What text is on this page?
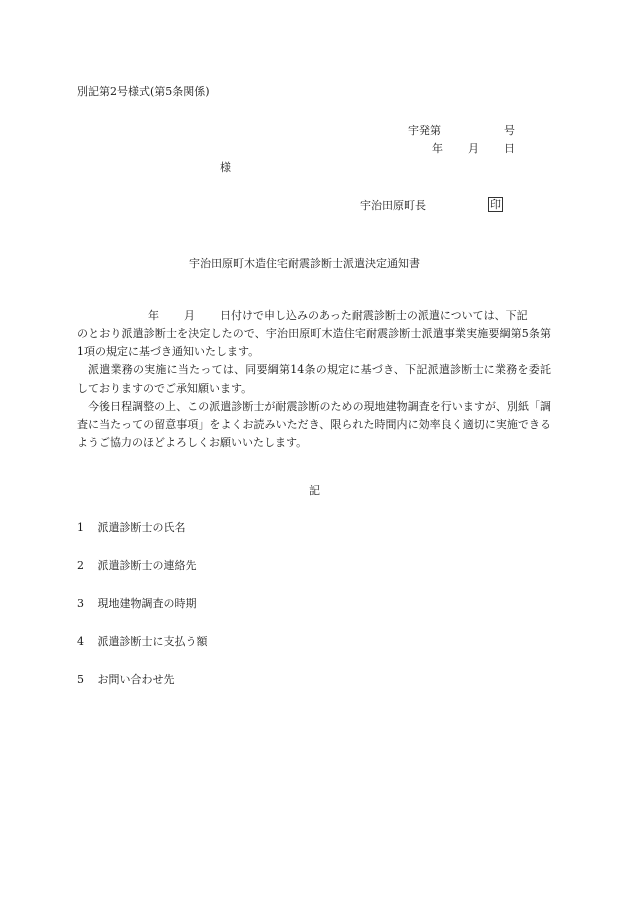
別記第2号様式(第5条関係)
宇発第	号
年 月 日
様
宇治田原町長	印
宇治田原町木造住宅耐震診断士派遣決定通知書
年 月 日付けで申し込みのあった耐震診断士の派遣については、下記

のとおり派遣診断士を決定したので、宇治田原町木造住宅耐震診断士派遣事業実施要綱第5条第1項の規定に基づき通知いたします。

派遣業務の実施に当たっては、同要綱第14条の規定に基づき、下記派遣診断士に業務を委託しておりますのでご承知願います。

今後日程調整の上、この派遣診断士が耐震診断のための現地建物調査を行いますが、別紙「調査に当たっての留意事項」をよくお読みいただき、限られた時間内に効率良く適切に実施できるようご協力のほどよろしくお願いいたします。

記
1 派遣診断士の氏名
2 派遣診断士の連絡先
3 現地建物調査の時期
4 派遣診断士に支払う額
5 お問い合わせ先
